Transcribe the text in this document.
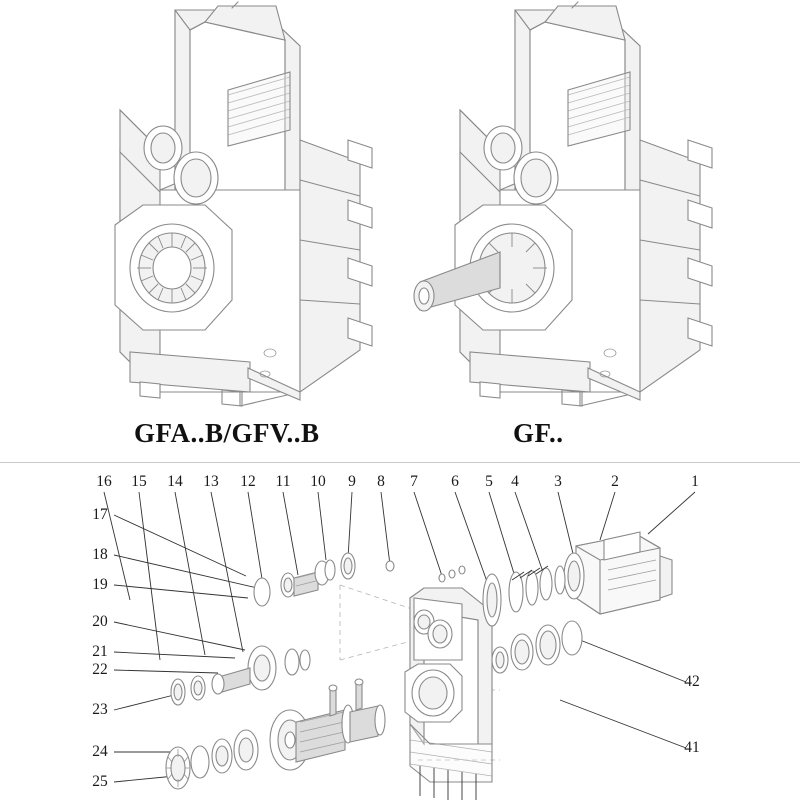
GFA..B/GFV..B	GF..
16 15 14 13 12 11 10	9	8	7	6	5	4	3	2	1
17
18
19
20
21
22
23
24
25
42
41
